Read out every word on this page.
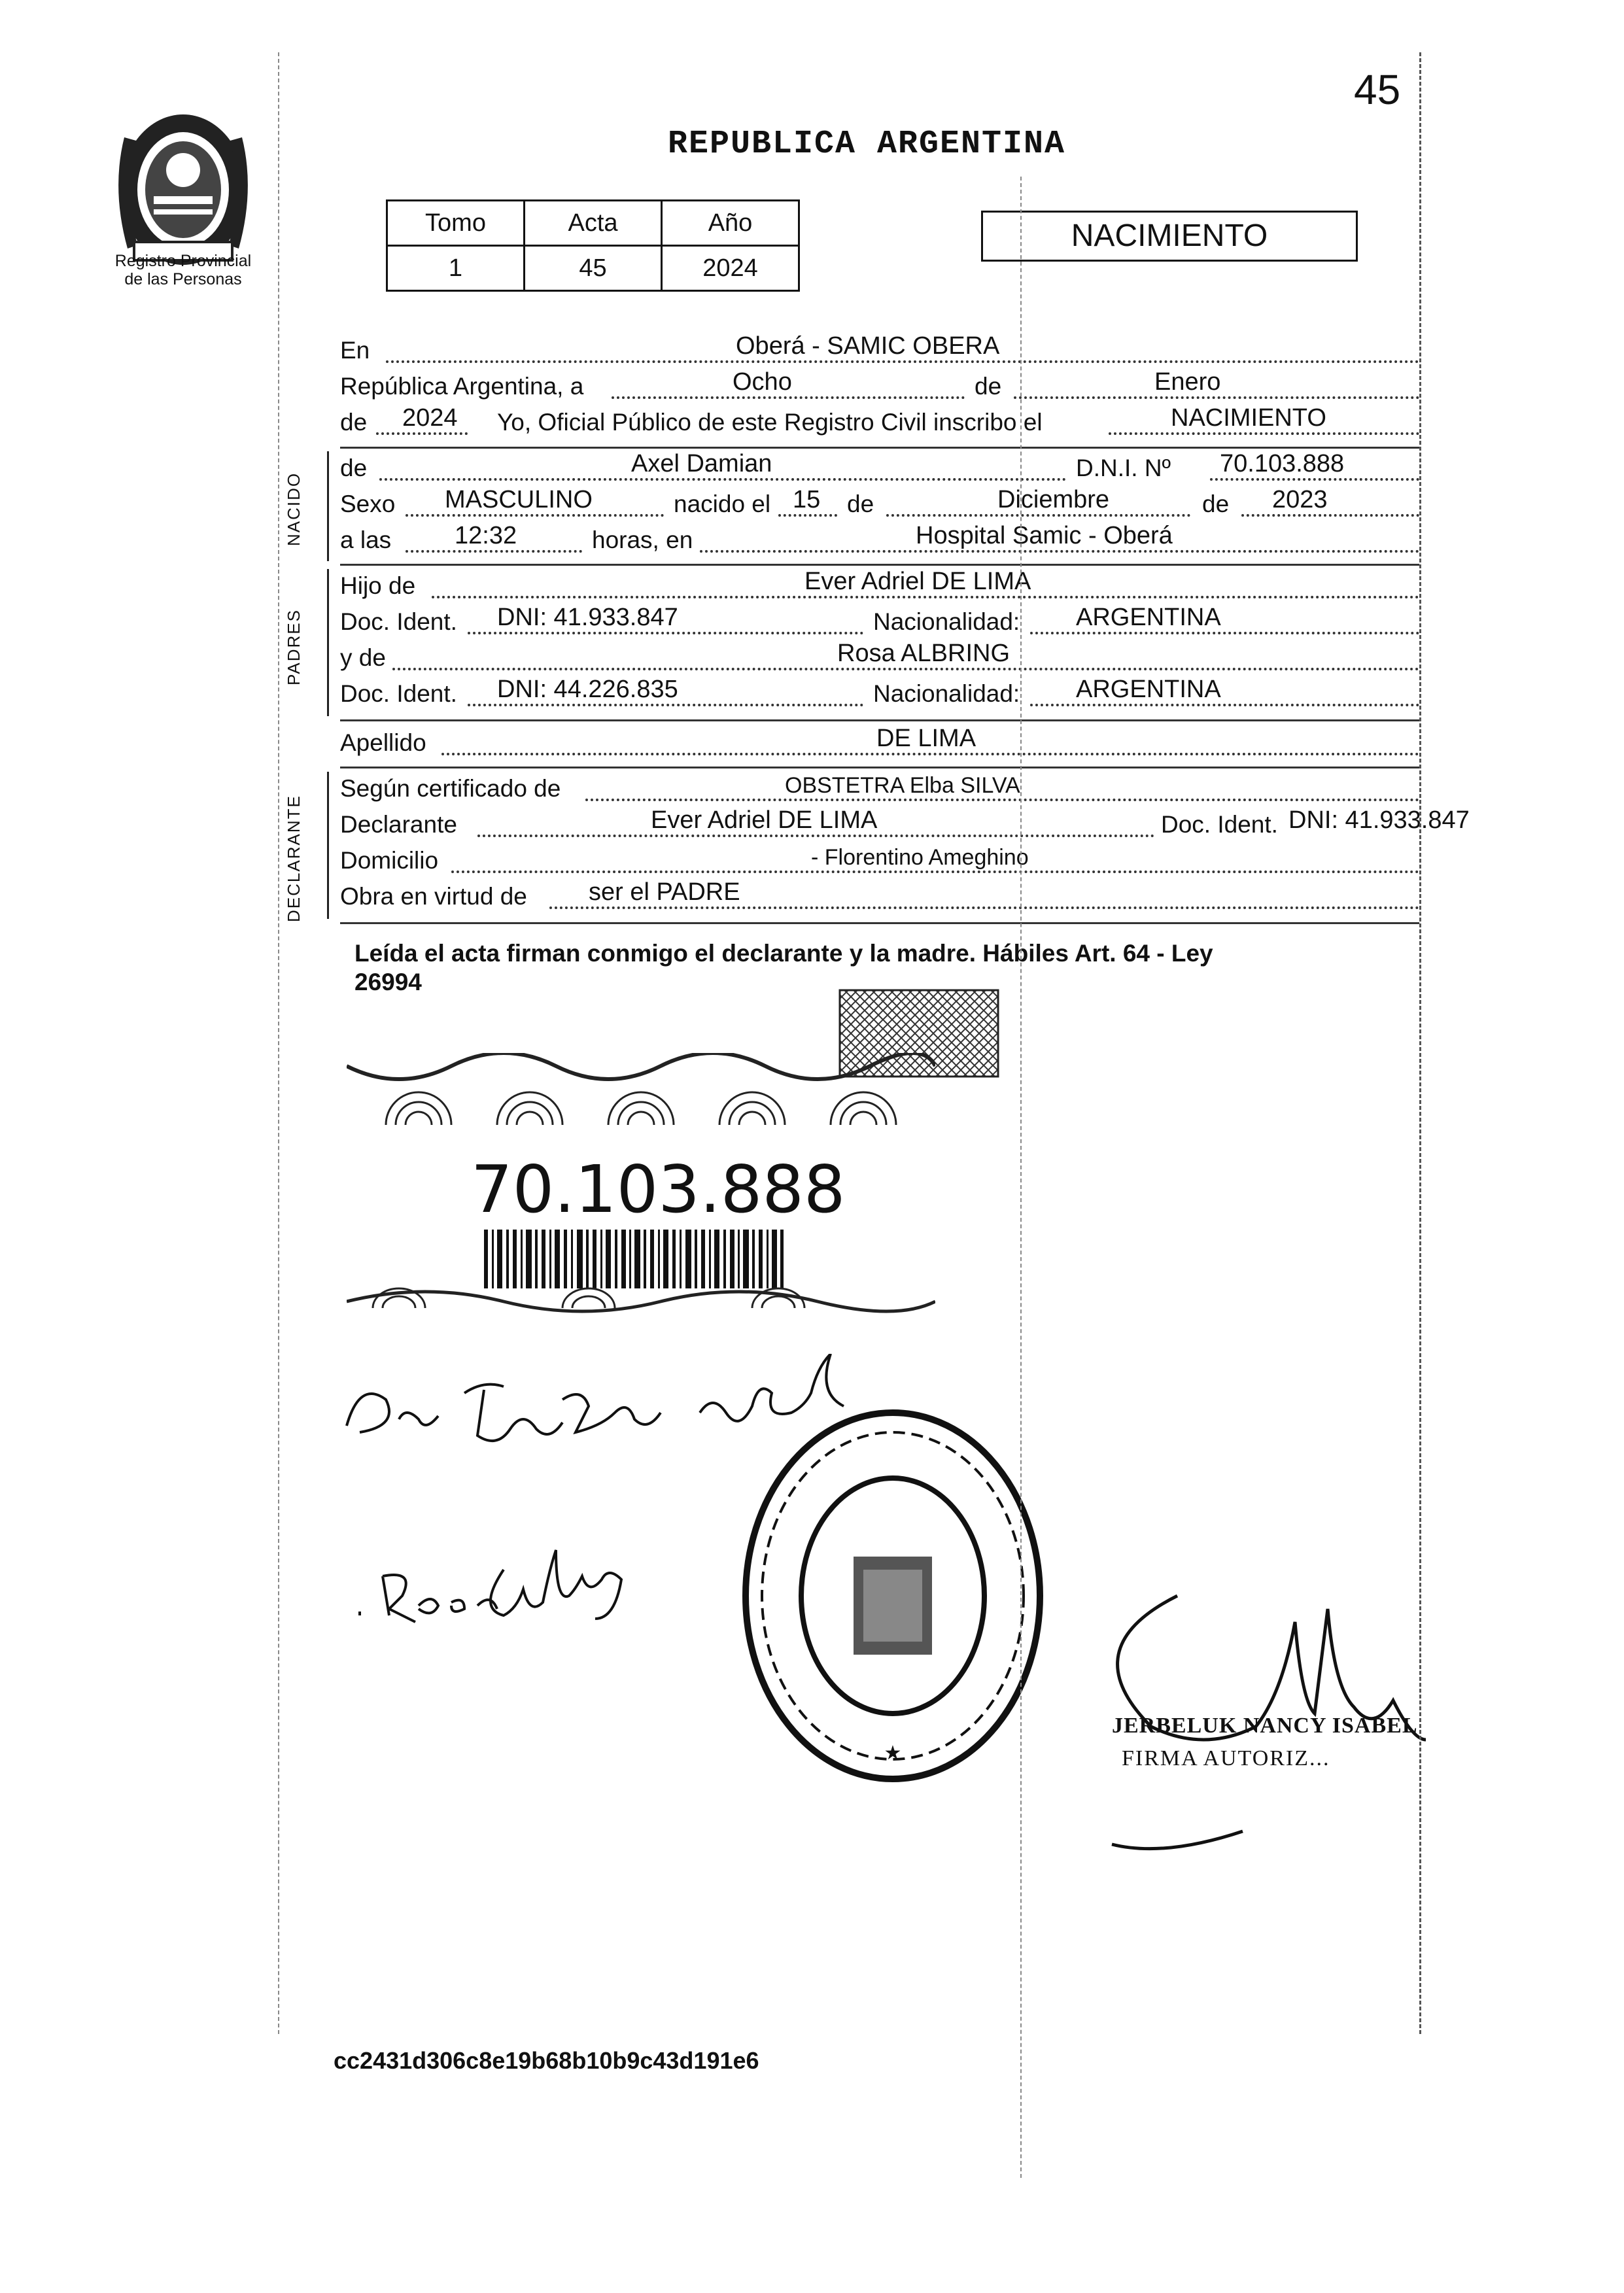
45
Registro Provincial
de las Personas
REPUBLICA ARGENTINA
Tomo	Acta	Año
1	45	2024
NACIMIENTO
En	Oberá - SAMIC OBERA
República Argentina, a	Ocho	de	Enero
de 2024 Yo, Oficial Público de este Registro Civil inscribo el	NACIMIENTO
de	Axel Damian	D.N.I. Nº 70.103.888
Sexo MASCULINO	nacido el 15 de	Diciembre	de 2023
a las	12:32	horas, en	Hospital Samic - Oberá
Hijo de	Ever Adriel DE LIMA
Doc. Ident. DNI: 41.933.847	Nacionalidad: ARGENTINA
y de	Rosa ALBRING
Doc. Ident. DNI: 44.226.835	Nacionalidad: ARGENTINA
Apellido	DE LIMA
Según certificado de	OBSTETRA Elba SILVA
Declarante	Ever Adriel DE LIMA	Doc. Ident. DNI: 41.933.847
Domicilio	- Florentino Ameghino
Obra en virtud de ser el PADRE
NACIDO
PADRES
DECLARANTE
Leída el acta firman conmigo el declarante y la madre. Hábiles Art. 64 - Ley
26994
70.103.888
★
JERBELUK NANCY ISABEL
FIRMA AUTORIZ...
cc2431d306c8e19b68b10b9c43d191e6
